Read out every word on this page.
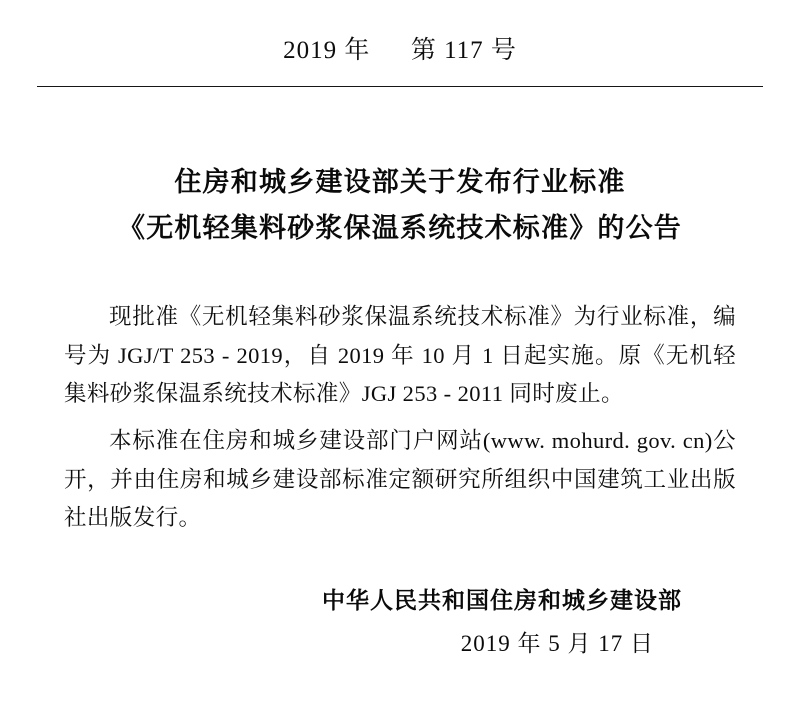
2019 年 第 117 号
住房和城乡建设部关于发布行业标准
《无机轻集料砂浆保温系统技术标准》的公告

现批准《无机轻集料砂浆保温系统技术标准》为行业标准，编号为 JGJ/T 253 - 2019，自 2019 年 10 月 1 日起实施。原《无机轻集料砂浆保温系统技术标准》JGJ 253 - 2011 同时废止。

本标准在住房和城乡建设部门户网站(www. mohurd. gov. cn)公开，并由住房和城乡建设部标准定额研究所组织中国建筑工业出版社出版发行。

中华人民共和国住房和城乡建设部
2019 年 5 月 17 日
